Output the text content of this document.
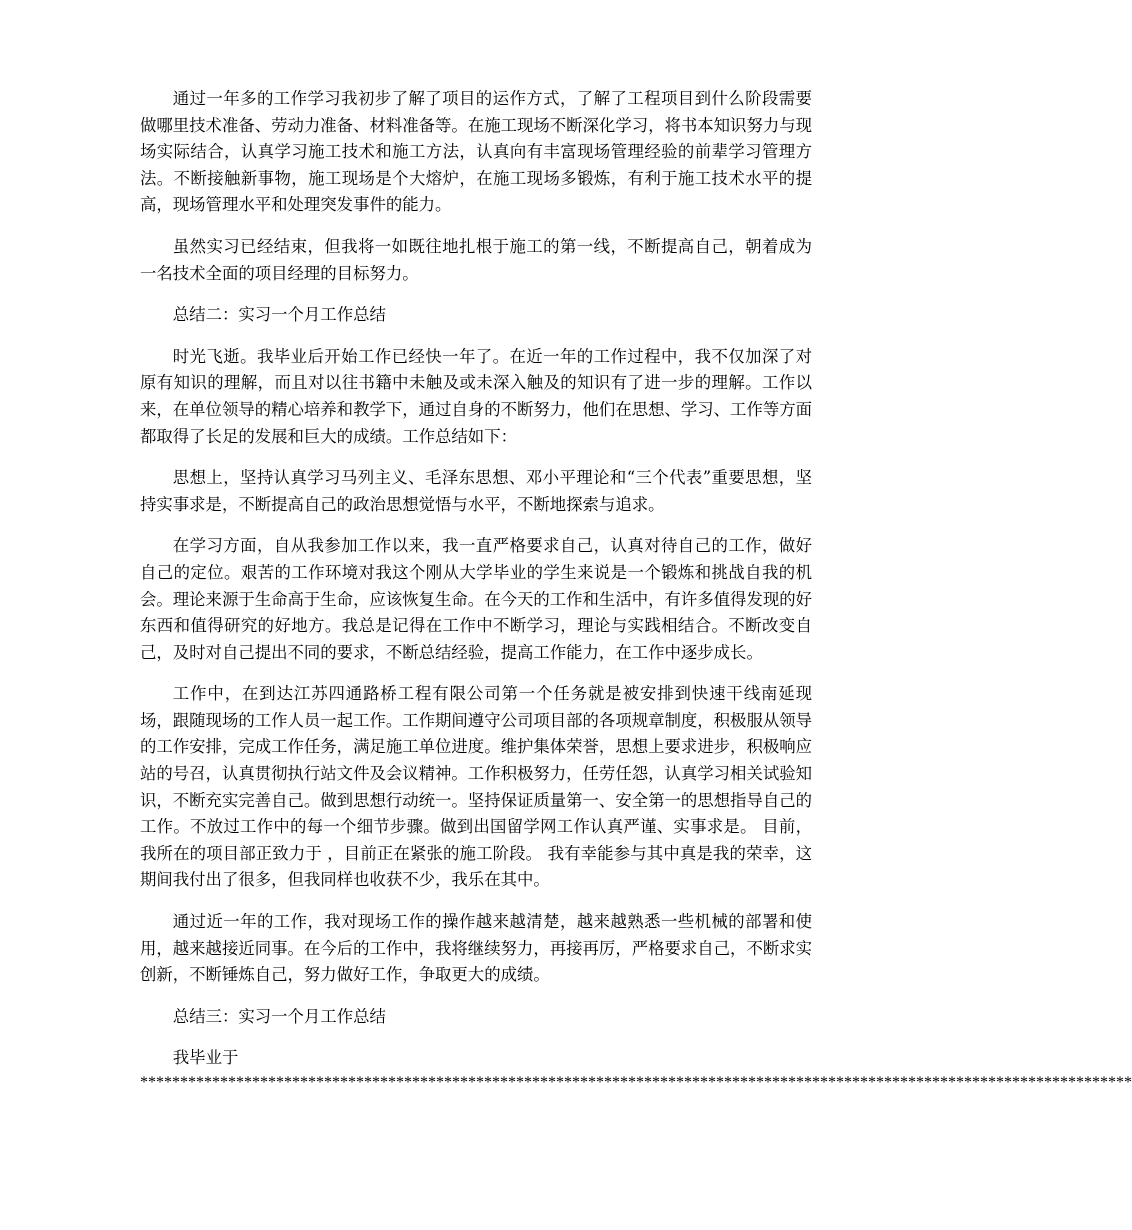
通过一年多的工作学习我初步了解了项目的运作方式，了解了工程项目到什么阶段需要做哪里技术准备、劳动力准备、材料准备等。在施工现场不断深化学习，将书本知识努力与现场实际结合，认真学习施工技术和施工方法，认真向有丰富现场管理经验的前辈学习管理方法。不断接触新事物，施工现场是个大熔炉，在施工现场多锻炼，有利于施工技术水平的提高，现场管理水平和处理突发事件的能力。

虽然实习已经结束，但我将一如既往地扎根于施工的第一线，不断提高自己，朝着成为一名技术全面的项目经理的目标努力。

总结二：实习一个月工作总结

时光飞逝。我毕业后开始工作已经快一年了。在近一年的工作过程中，我不仅加深了对原有知识的理解，而且对以往书籍中未触及或未深入触及的知识有了进一步的理解。工作以来，在单位领导的精心培养和教学下，通过自身的不断努力，他们在思想、学习、工作等方面都取得了长足的发展和巨大的成绩。工作总结如下：

思想上，坚持认真学习马列主义、毛泽东思想、邓小平理论和“三个代表”重要思想，坚持实事求是，不断提高自己的政治思想觉悟与水平，不断地探索与追求。

在学习方面，自从我参加工作以来，我一直严格要求自己，认真对待自己的工作，做好自己的定位。艰苦的工作环境对我这个刚从大学毕业的学生来说是一个锻炼和挑战自我的机会。理论来源于生命高于生命，应该恢复生命。在今天的工作和生活中，有许多值得发现的好东西和值得研究的好地方。我总是记得在工作中不断学习，理论与实践相结合。不断改变自己，及时对自己提出不同的要求，不断总结经验，提高工作能力，在工作中逐步成长。

工作中，在到达江苏四通路桥工程有限公司第一个任务就是被安排到快速干线南延现场，跟随现场的工作人员一起工作。工作期间遵守公司项目部的各项规章制度，积极服从领导的工作安排，完成工作任务，满足施工单位进度。维护集体荣誉，思想上要求进步，积极响应站的号召，认真贯彻执行站文件及会议精神。工作积极努力，任劳任怨，认真学习相关试验知识，不断充实完善自己。做到思想行动统一。坚持保证质量第一、安全第一的思想指导自己的工作。不放过工作中的每一个细节步骤。做到出国留学网工作认真严谨、实事求是。 目前，我所在的项目部正致力于 ，目前正在紧张的施工阶段。 我有幸能参与其中真是我的荣幸，这期间我付出了很多，但我同样也收获不少，我乐在其中。

通过近一年的工作，我对现场工作的操作越来越清楚，越来越熟悉一些机械的部署和使用，越来越接近同事。在今后的工作中，我将继续努力，再接再厉，严格要求自己，不断求实创新，不断锤炼自己，努力做好工作，争取更大的成绩。

总结三：实习一个月工作总结

我毕业于

****************************************************************************************************************************
